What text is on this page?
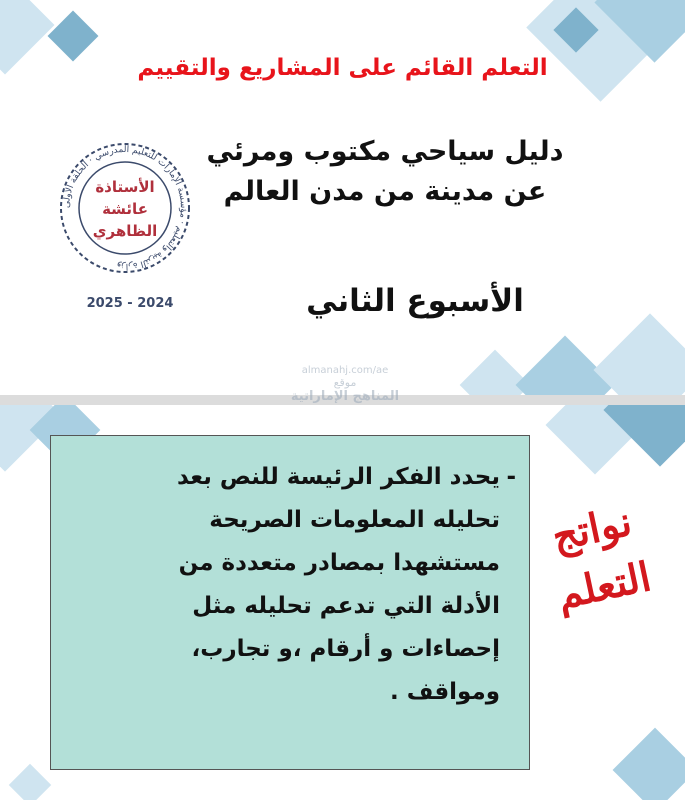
التعلم القائم على المشاريع والتقييم
دليل سياحي مكتوب ومرئي
عن مدينة من مدن العالم
الأسبوع الثاني
وزارة التربية والتعليم · مؤسسة الإمارات للتعليم المدرسي · الحلقة الأولى
الأستاذة
عائشة
الظاهري
2025 - 2024
almanahj.com/ae
موقع
المناهج الإماراتية
-
يحدد الفكر الرئيسة للنص بعد
تحليله المعلومات الصريحة
مستشهدا بمصادر متعددة من
الأدلة التي تدعم تحليله مثل
إحصاءات و أرقام ،و تجارب،
ومواقف .
نواتج
التعلم
